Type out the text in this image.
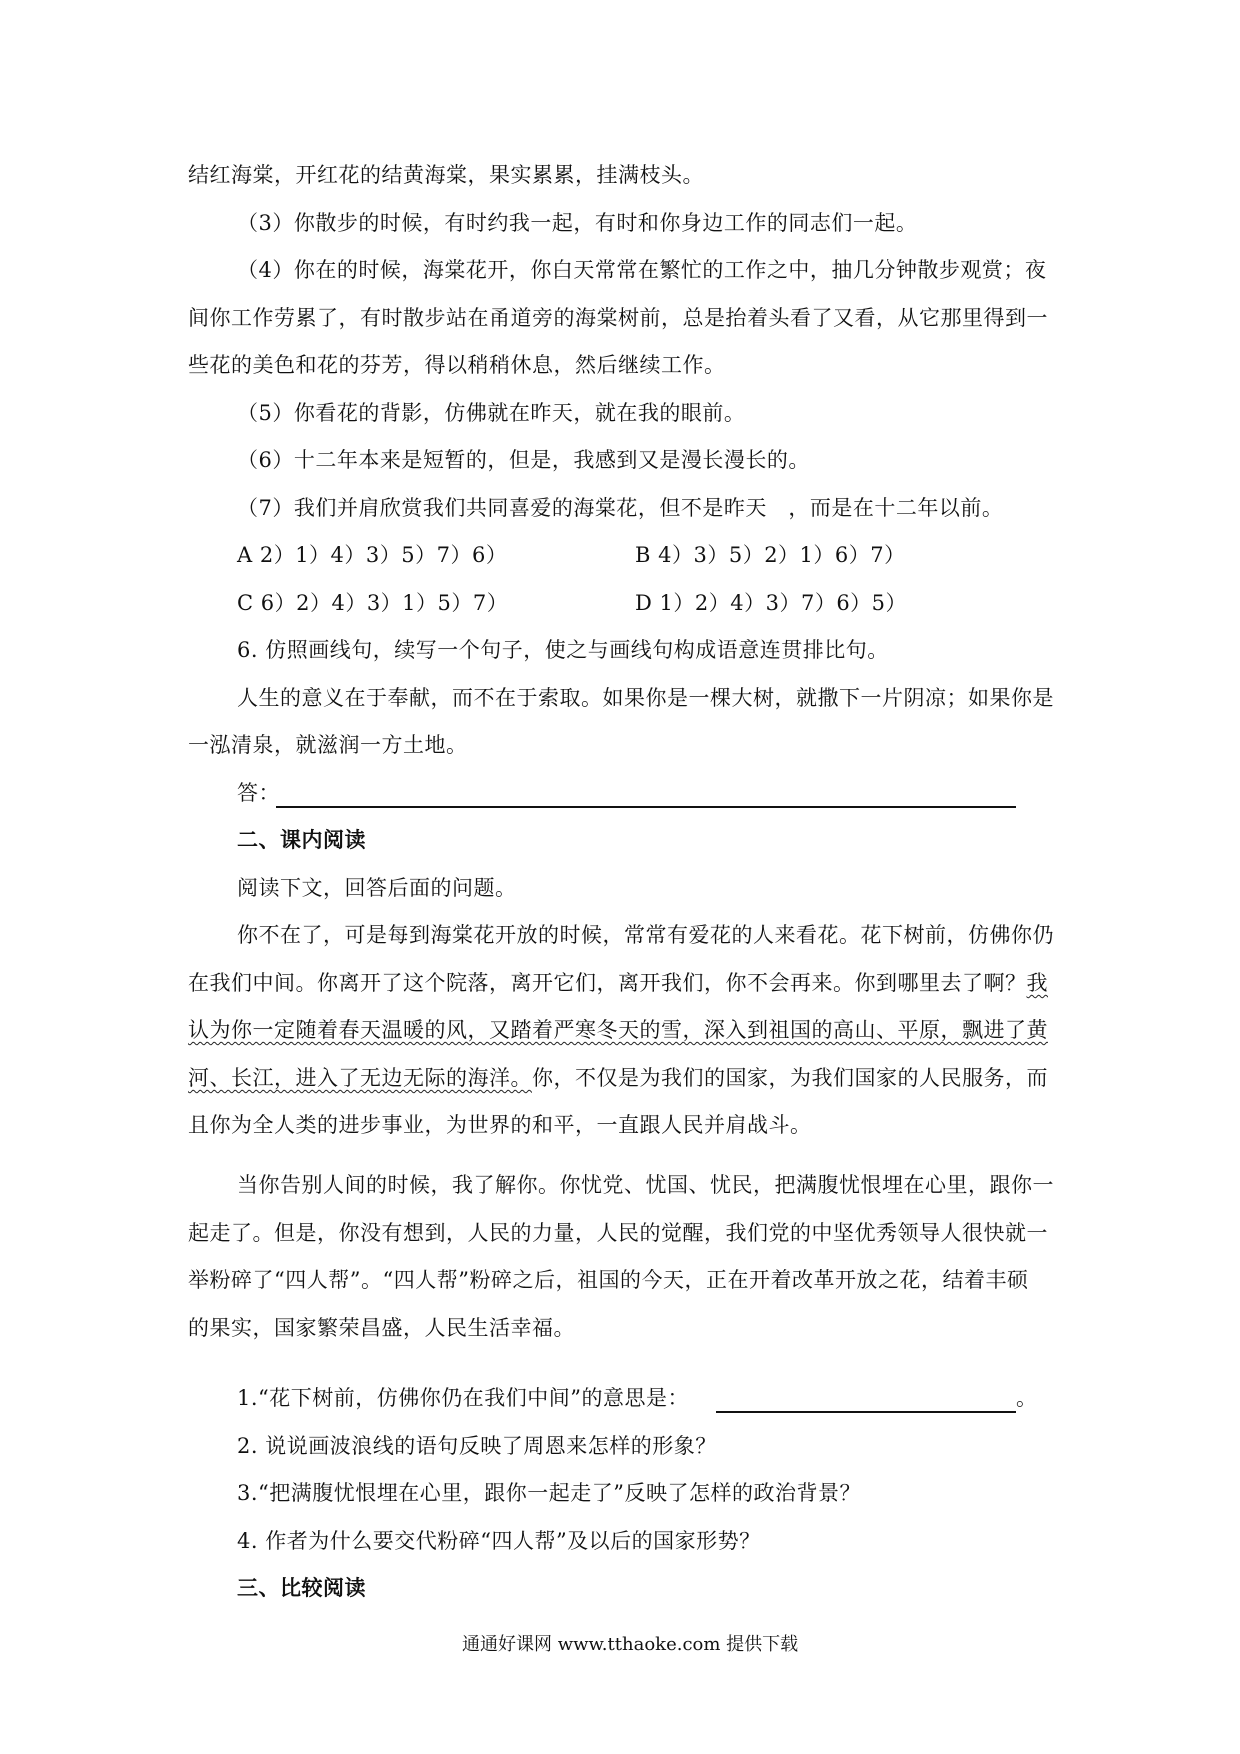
结红海棠，开红花的结黄海棠，果实累累，挂满枝头。
（3）你散步的时候，有时约我一起，有时和你身边工作的同志们一起。
（4）你在的时候，海棠花开，你白天常常在繁忙的工作之中，抽几分钟散步观赏；夜
间你工作劳累了，有时散步站在甬道旁的海棠树前，总是抬着头看了又看，从它那里得到一
些花的美色和花的芬芳，得以稍稍休息，然后继续工作。
（5）你看花的背影，仿佛就在昨天，就在我的眼前。
（6）十二年本来是短暂的，但是，我感到又是漫长漫长的。
（7）我们并肩欣赏我们共同喜爱的海棠花，但不是昨天　，而是在十二年以前。
A 2）1）4）3）5）7）6）	B 4）3）5）2）1）6）7）
C 6）2）4）3）1）5）7）	D 1）2）4）3）7）6）5）
6. 仿照画线句，续写一个句子，使之与画线句构成语意连贯排比句。
人生的意义在于奉献，而不在于索取。如果你是一棵大树，就撒下一片阴凉；如果你是
一泓清泉，就滋润一方土地。
答：
二、课内阅读
阅读下文，回答后面的问题。
你不在了，可是每到海棠花开放的时候，常常有爱花的人来看花。花下树前，仿佛你仍
在我们中间。你离开了这个院落，离开它们，离开我们，你不会再来。你到哪里去了啊？我
认为你一定随着春天温暖的风，又踏着严寒冬天的雪，深入到祖国的高山、平原，飘进了黄
河、长江，进入了无边无际的海洋。你，不仅是为我们的国家，为我们国家的人民服务，而
且你为全人类的进步事业，为世界的和平，一直跟人民并肩战斗。
当你告别人间的时候，我了解你。你忧党、忧国、忧民，把满腹忧恨埋在心里，跟你一
起走了。但是，你没有想到，人民的力量，人民的觉醒，我们党的中坚优秀领导人很快就一
举粉碎了“四人帮”。“四人帮”粉碎之后，祖国的今天，正在开着改革开放之花，结着丰硕
的果实，国家繁荣昌盛，人民生活幸福。
1.“花下树前，仿佛你仍在我们中间”的意思是：	。
2. 说说画波浪线的语句反映了周恩来怎样的形象？
3.“把满腹忧恨埋在心里，跟你一起走了”反映了怎样的政治背景？
4. 作者为什么要交代粉碎“四人帮”及以后的国家形势？
三、比较阅读
通通好课网 www.tthaoke.com 提供下载
